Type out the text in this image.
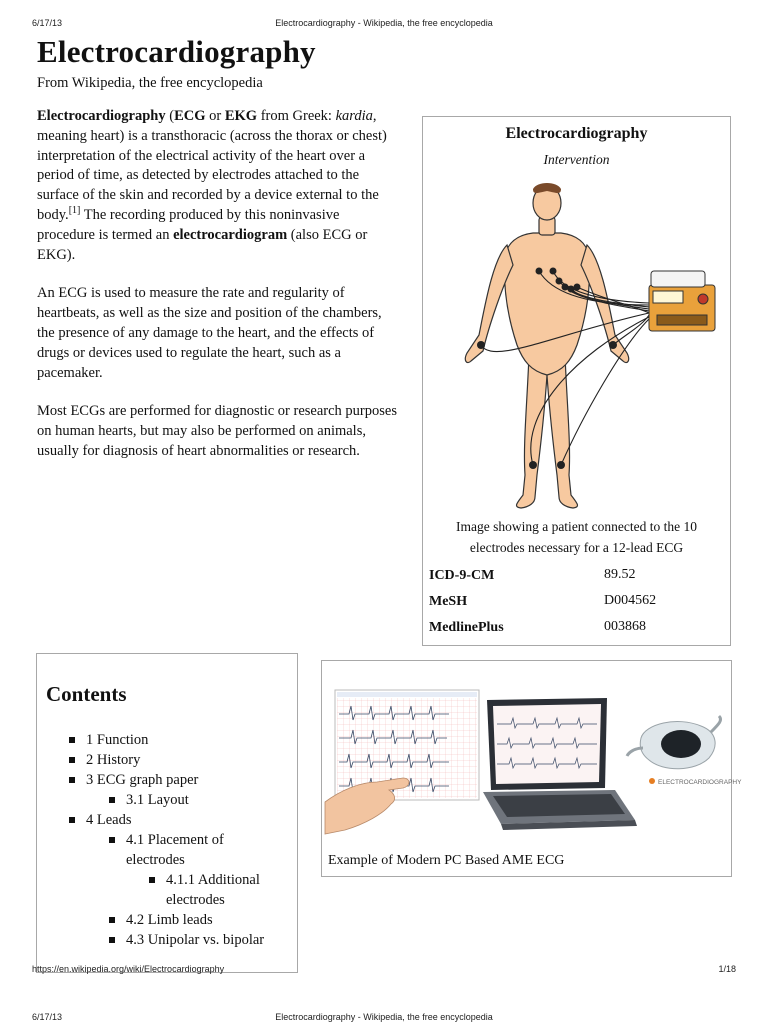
6/17/13	Electrocardiography - Wikipedia, the free encyclopedia
Electrocardiography
From Wikipedia, the free encyclopedia

Electrocardiography (ECG or EKG from Greek: kardia, meaning heart) is a transthoracic (across the thorax or chest) interpretation of the electrical activity of the heart over a period of time, as detected by electrodes attached to the surface of the skin and recorded by a device external to the body.[1] The recording produced by this noninvasive procedure is termed an electrocardiogram (also ECG or EKG).

An ECG is used to measure the rate and regularity of heartbeats, as well as the size and position of the chambers, the presence of any damage to the heart, and the effects of drugs or devices used to regulate the heart, such as a pacemaker.

Most ECGs are performed for diagnostic or research purposes on human hearts, but may also be performed on animals, usually for diagnosis of heart abnormalities or research.

Electrocardiography
Intervention
Image showing a patient connected to the 10 electrodes necessary for a 12-lead ECG
ICD-9-CM	89.52
MeSH	D004562
MedlinePlus	003868
Contents
1 Function
2 History
3 ECG graph paper
3.1 Layout
4 Leads
4.1 Placement of electrodes
4.1.1 Additional electrodes
4.2 Limb leads
4.3 Unipolar vs. bipolar
ELECTROCARDIOGRAPHY
Example of Modern PC Based AME ECG
https://en.wikipedia.org/wiki/Electrocardiography	1/18
6/17/13	Electrocardiography - Wikipedia, the free encyclopedia
